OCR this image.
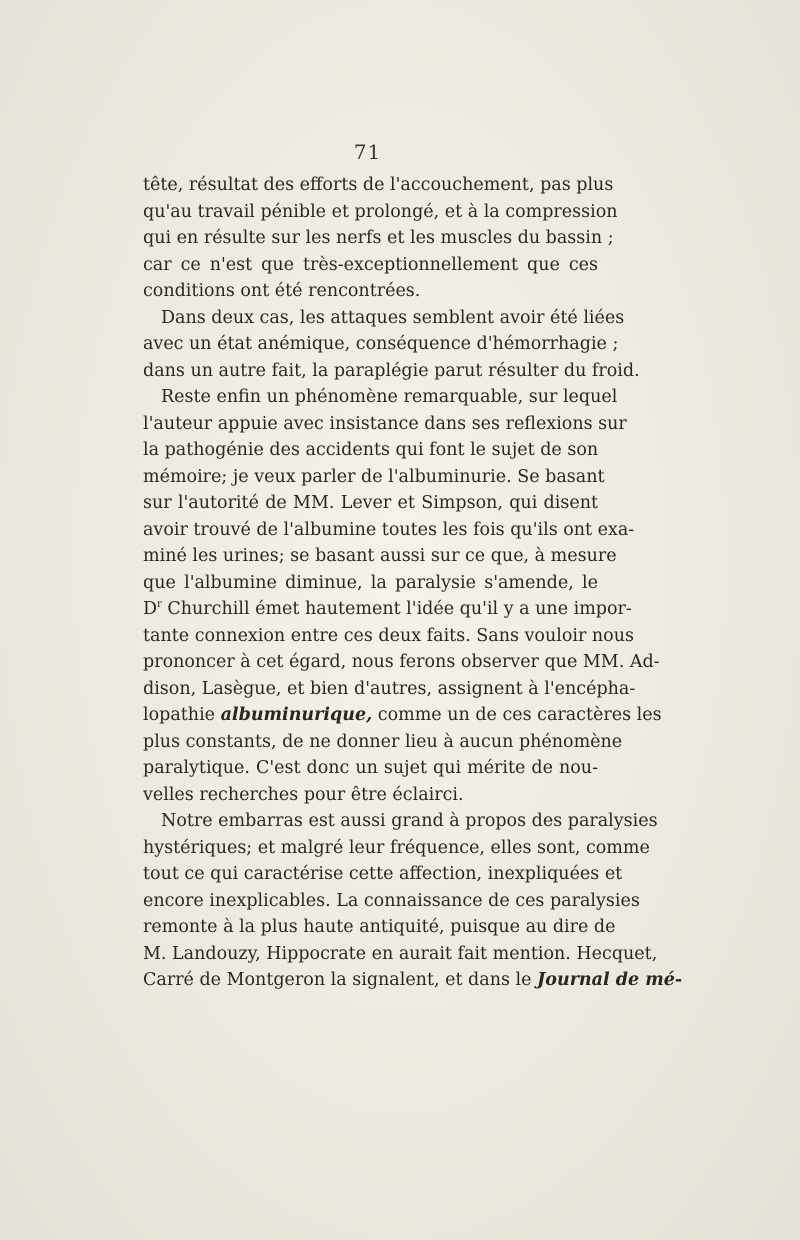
71
tête, résultat des efforts de l'accouchement, pas plus
qu'au travail pénible et prolongé, et à la compression
qui en résulte sur les nerfs et les muscles du bassin ;
car ce n'est que très-exceptionnellement que ces
conditions ont été rencontrées.
Dans deux cas, les attaques semblent avoir été liées
avec un état anémique, conséquence d'hémorrhagie ;
dans un autre fait, la paraplégie parut résulter du froid.
Reste enfin un phénomène remarquable, sur lequel
l'auteur appuie avec insistance dans ses reflexions sur
la pathogénie des accidents qui font le sujet de son
mémoire; je veux parler de l'albuminurie. Se basant
sur l'autorité de MM. Lever et Simpson, qui disent
avoir trouvé de l'albumine toutes les fois qu'ils ont exa-
miné les urines; se basant aussi sur ce que, à mesure
que l'albumine diminue, la paralysie s'amende, le
$D^r$ Churchill émet hautement l'idée qu'il y a une impor-
tante connexion entre ces deux faits. Sans vouloir nous
prononcer à cet égard, nous ferons observer que MM. Ad-
dison, Lasègue, et bien d'autres, assignent à l'encépha-
lopathie albuminurique, comme un de ces caractères les
plus constants, de ne donner lieu à aucun phénomène
paralytique. C'est donc un sujet qui mérite de nou-
velles recherches pour être éclairci.
Notre embarras est aussi grand à propos des paralysies
hystériques; et malgré leur fréquence, elles sont, comme
tout ce qui caractérise cette affection, inexpliquées et
encore inexplicables. La connaissance de ces paralysies
remonte à la plus haute antiquité, puisque au dire de
M. Landouzy, Hippocrate en aurait fait mention. Hecquet,
Carré de Montgeron la signalent, et dans le Journal de mé-
